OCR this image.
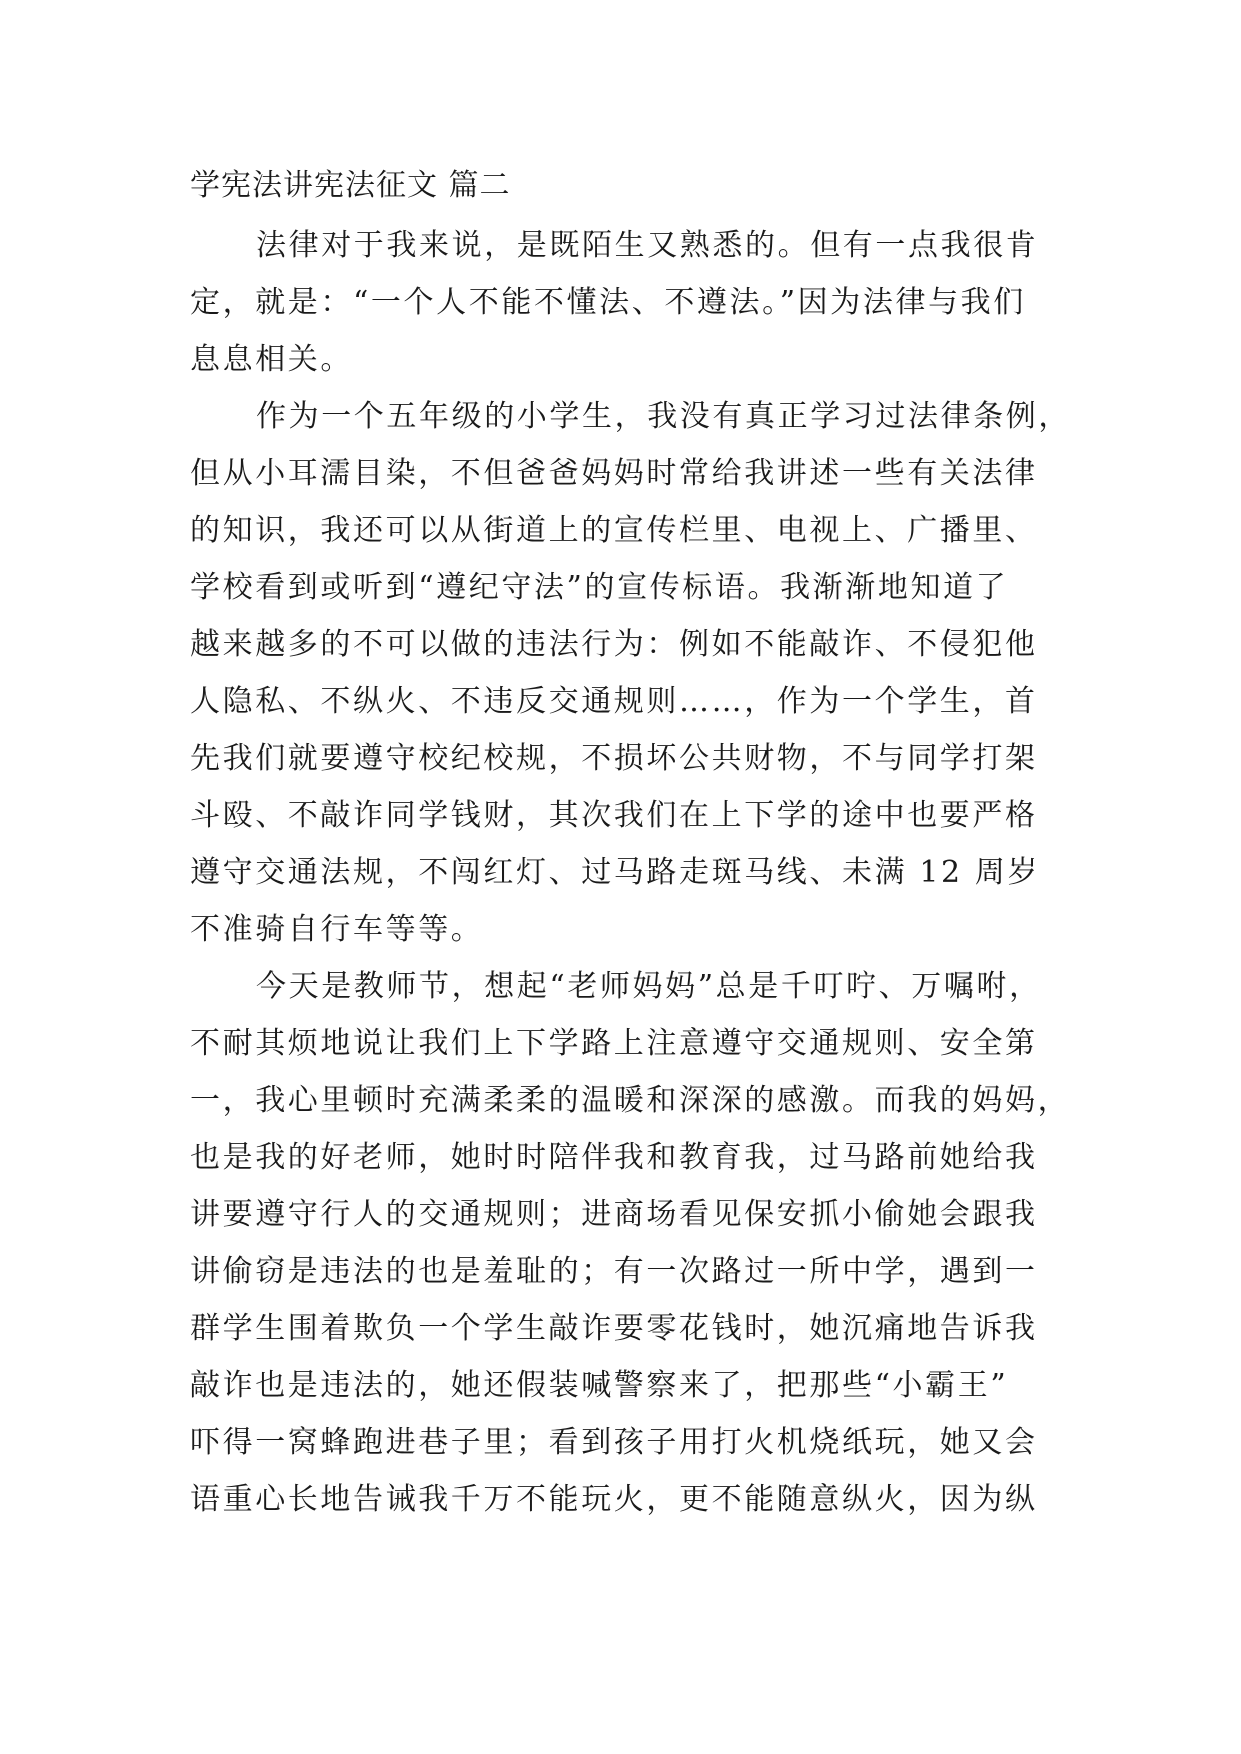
学宪法讲宪法征文 篇二
法律对于我来说，是既陌生又熟悉的。但有一点我很肯
定，就是：“一个人不能不懂法、不遵法。”因为法律与我们
息息相关。
作为一个五年级的小学生，我没有真正学习过法律条例，
但从小耳濡目染，不但爸爸妈妈时常给我讲述一些有关法律
的知识，我还可以从街道上的宣传栏里、电视上、广播里、
学校看到或听到“遵纪守法”的宣传标语。我渐渐地知道了
越来越多的不可以做的违法行为：例如不能敲诈、不侵犯他
人隐私、不纵火、不违反交通规则……，作为一个学生，首
先我们就要遵守校纪校规，不损坏公共财物，不与同学打架
斗殴、不敲诈同学钱财，其次我们在上下学的途中也要严格
遵守交通法规，不闯红灯、过马路走斑马线、未满 12 周岁
不准骑自行车等等。
今天是教师节，想起“老师妈妈”总是千叮咛、万嘱咐，
不耐其烦地说让我们上下学路上注意遵守交通规则、安全第
一，我心里顿时充满柔柔的温暖和深深的感激。而我的妈妈，
也是我的好老师，她时时陪伴我和教育我，过马路前她给我
讲要遵守行人的交通规则；进商场看见保安抓小偷她会跟我
讲偷窃是违法的也是羞耻的；有一次路过一所中学，遇到一
群学生围着欺负一个学生敲诈要零花钱时，她沉痛地告诉我
敲诈也是违法的，她还假装喊警察来了，把那些“小霸王”
吓得一窝蜂跑进巷子里；看到孩子用打火机烧纸玩，她又会
语重心长地告诫我千万不能玩火，更不能随意纵火，因为纵
